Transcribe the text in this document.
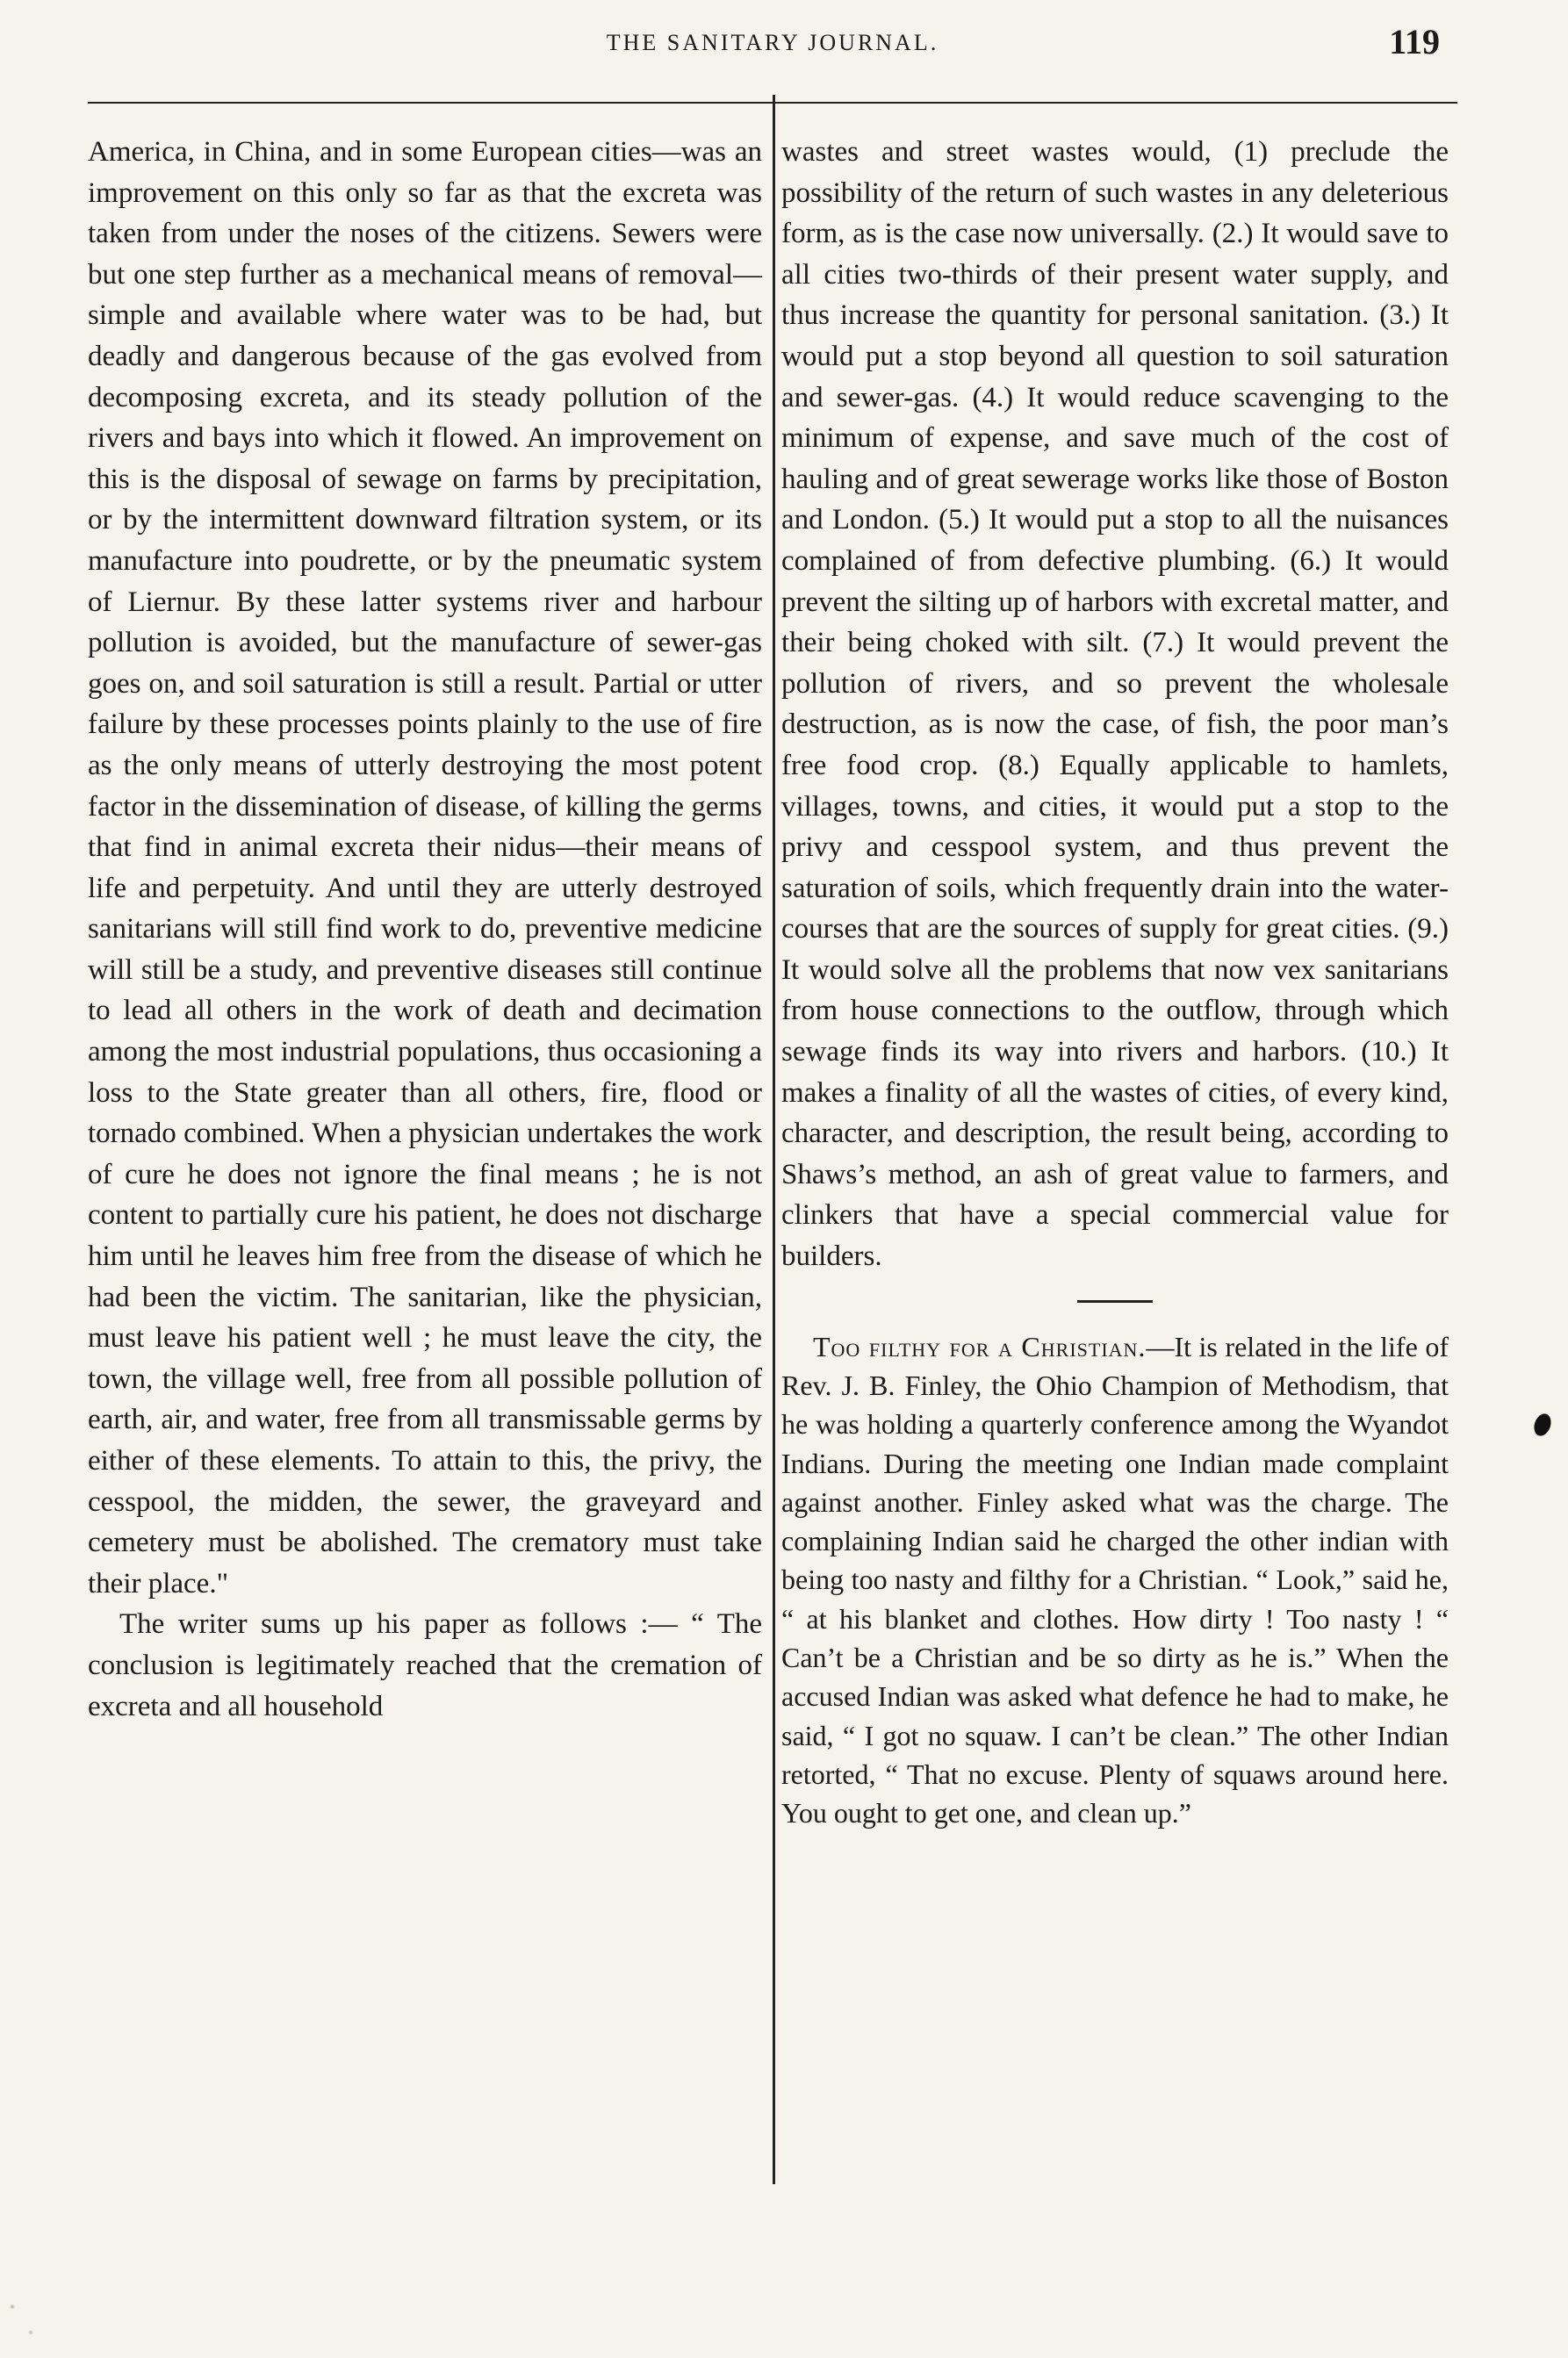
THE SANITARY JOURNAL.	119

America, in China, and in some European cities—was an improvement on this only so far as that the excreta was taken from under the noses of the citizens. Sewers were but one step further as a mechanical means of removal—simple and available where water was to be had, but deadly and dangerous because of the gas evolved from decomposing excreta, and its steady pollution of the rivers and bays into which it flowed. An improvement on this is the disposal of sewage on farms by precipitation, or by the intermittent downward filtration system, or its manufacture into poudrette, or by the pneumatic system of Liernur. By these latter systems river and harbour pollution is avoided, but the manufacture of sewer-gas goes on, and soil saturation is still a result. Partial or utter failure by these processes points plainly to the use of fire as the only means of utterly destroying the most potent factor in the dissemination of disease, of killing the germs that find in animal excreta their nidus—their means of life and perpetuity. And until they are utterly destroyed sanitarians will still find work to do, preventive medicine will still be a study, and preventive diseases still continue to lead all others in the work of death and decimation among the most industrial populations, thus occasioning a loss to the State greater than all others, fire, flood or tornado combined. When a physician undertakes the work of cure he does not ignore the final means ; he is not content to partially cure his patient, he does not discharge him until he leaves him free from the disease of which he had been the victim. The sanitarian, like the physician, must leave his patient well ; he must leave the city, the town, the village well, free from all possible pollution of earth, air, and water, free from all transmissable germs by either of these elements. To attain to this, the privy, the cesspool, the midden, the sewer, the graveyard and cemetery must be abolished. The crematory must take their place."

The writer sums up his paper as follows :— “ The conclusion is legitimately reached that the cremation of excreta and all household

wastes and street wastes would, (1) preclude the possibility of the return of such wastes in any deleterious form, as is the case now universally. (2.) It would save to all cities two-thirds of their present water supply, and thus increase the quantity for personal sanitation. (3.) It would put a stop beyond all question to soil saturation and sewer-gas. (4.) It would reduce scavenging to the minimum of expense, and save much of the cost of hauling and of great sewerage works like those of Boston and London. (5.) It would put a stop to all the nuisances complained of from defective plumbing. (6.) It would prevent the silting up of harbors with excretal matter, and their being choked with silt. (7.) It would prevent the pollution of rivers, and so prevent the wholesale destruction, as is now the case, of fish, the poor man’s free food crop. (8.) Equally applicable to hamlets, villages, towns, and cities, it would put a stop to the privy and cesspool system, and thus prevent the saturation of soils, which frequently drain into the water-courses that are the sources of supply for great cities. (9.) It would solve all the problems that now vex sanitarians from house connections to the outflow, through which sewage finds its way into rivers and harbors. (10.) It makes a finality of all the wastes of cities, of every kind, character, and description, the result being, according to Shaws’s method, an ash of great value to farmers, and clinkers that have a special commercial value for builders.

Too filthy for a Christian.—It is related in the life of Rev. J. B. Finley, the Ohio Champion of Methodism, that he was holding a quarterly conference among the Wyandot Indians. During the meeting one Indian made complaint against another. Finley asked what was the charge. The complaining Indian said he charged the other indian with being too nasty and filthy for a Christian. “ Look,” said he, “ at his blanket and clothes. How dirty ! Too nasty ! “ Can’t be a Christian and be so dirty as he is.” When the accused Indian was asked what defence he had to make, he said, “ I got no squaw. I can’t be clean.” The other Indian retorted, “ That no excuse. Plenty of squaws around here. You ought to get one, and clean up.”
